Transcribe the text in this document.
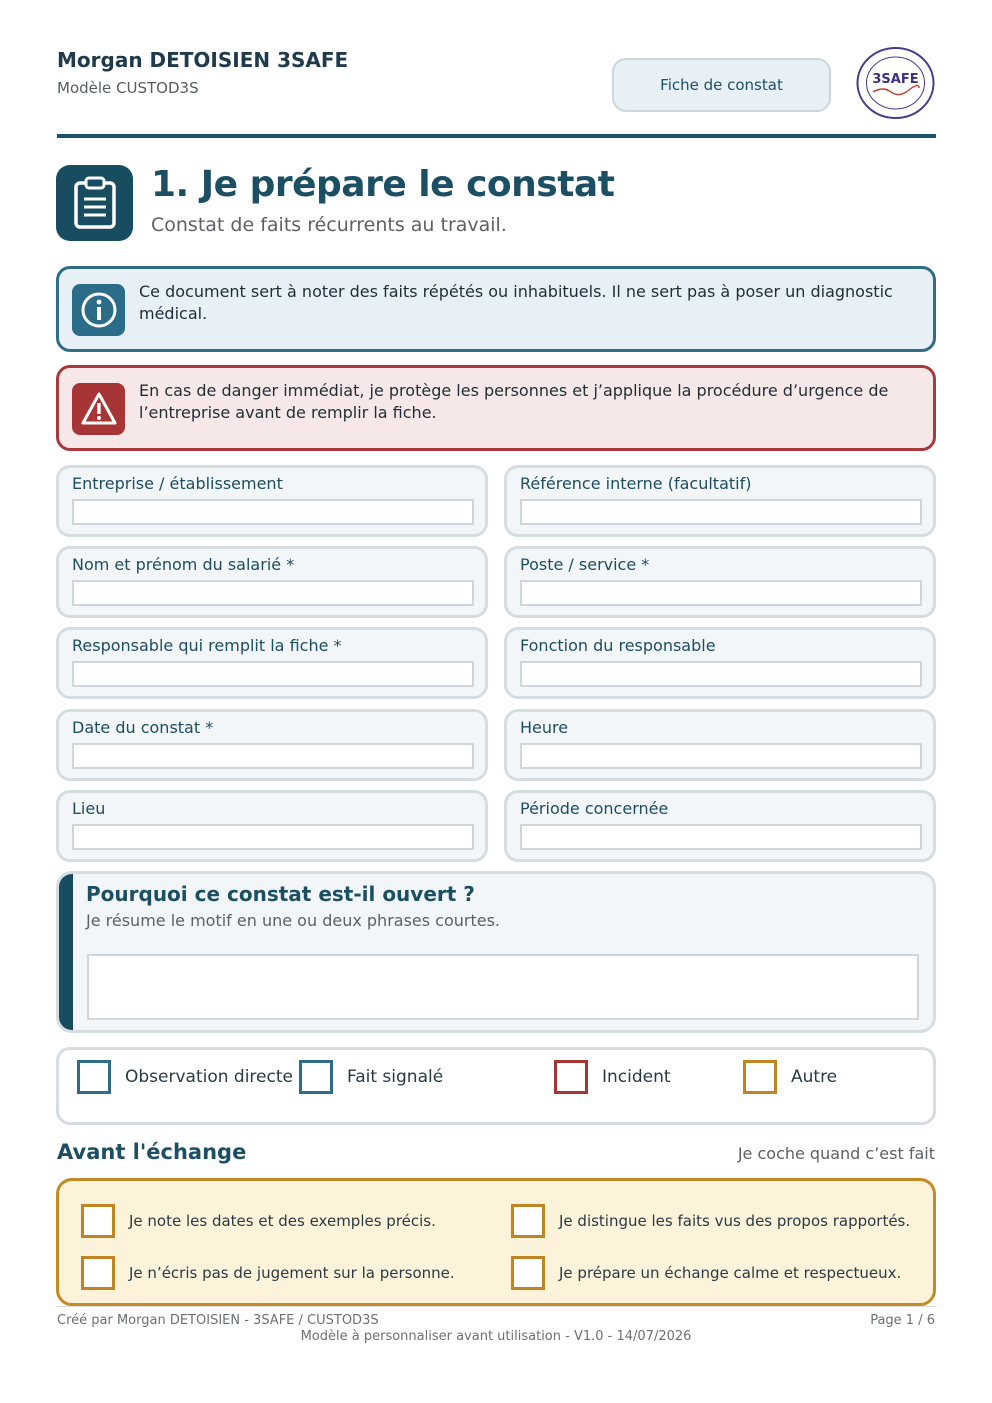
Morgan DETOISIEN 3SAFE
Modèle CUSTOD3S	Fiche de constat	3SAFE
1. Je prépare le constat
Constat de faits récurrents au travail.
Ce document sert à noter des faits répétés ou inhabituels. Il ne sert pas à poser un diagnostic médical.
En cas de danger immédiat, je protège les personnes et j’applique la procédure d’urgence de l’entreprise avant de remplir la fiche.
Entreprise / établissement	Référence interne (facultatif)
Nom et prénom du salarié *	Poste / service *
Responsable qui remplit la fiche *	Fonction du responsable
Date du constat *	Heure
Lieu	Période concernée
Pourquoi ce constat est-il ouvert ?
Je résume le motif en une ou deux phrases courtes.
Observation directe	Fait signalé	Incident	Autre
Avant l'échange	Je coche quand c’est fait
Je note les dates et des exemples précis.	Je distingue les faits vus des propos rapportés.
Je n’écris pas de jugement sur la personne.	Je prépare un échange calme et respectueux.
Créé par Morgan DETOISIEN - 3SAFE / CUSTOD3S	Page 1 / 6
Modèle à personnaliser avant utilisation - V1.0 - 14/07/2026
